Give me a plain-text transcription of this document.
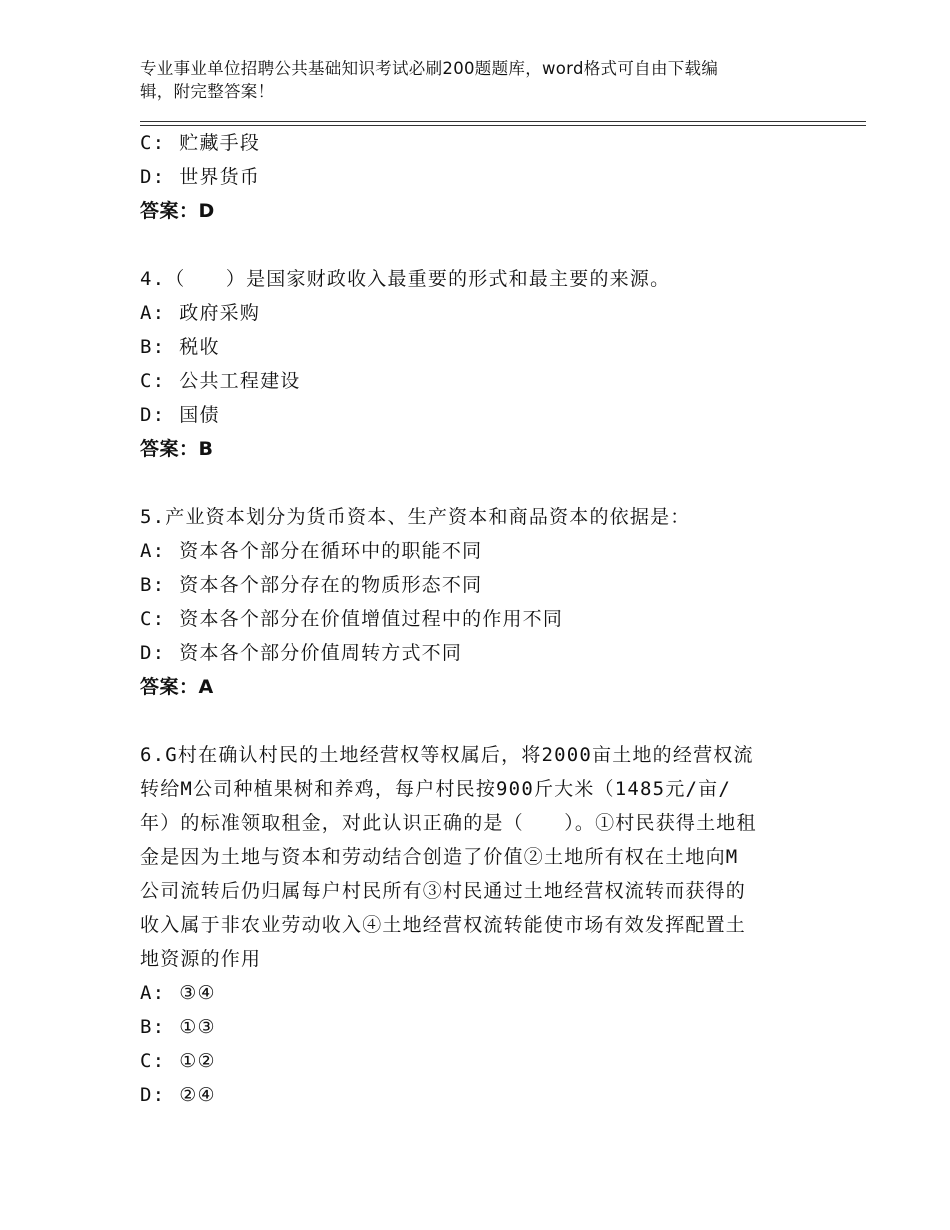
专业事业单位招聘公共基础知识考试必刷200题题库，word格式可自由下载编
辑，附完整答案！
C: 贮藏手段
D: 世界货币
答案：D
4.（　　）是国家财政收入最重要的形式和最主要的来源。
A: 政府采购
B: 税收
C: 公共工程建设
D: 国债
答案：B
5.产业资本划分为货币资本、生产资本和商品资本的依据是：
A: 资本各个部分在循环中的职能不同
B: 资本各个部分存在的物质形态不同
C: 资本各个部分在价值增值过程中的作用不同
D: 资本各个部分价值周转方式不同
答案：A
6.G村在确认村民的土地经营权等权属后，将2000亩土地的经营权流
转给M公司种植果树和养鸡，每户村民按900斤大米（1485元/亩/
年）的标准领取租金，对此认识正确的是（　　）。①村民获得土地租
金是因为土地与资本和劳动结合创造了价值②土地所有权在土地向M
公司流转后仍归属每户村民所有③村民通过土地经营权流转而获得的
收入属于非农业劳动收入④土地经营权流转能使市场有效发挥配置土
地资源的作用
A: ③④
B: ①③
C: ①②
D: ②④
